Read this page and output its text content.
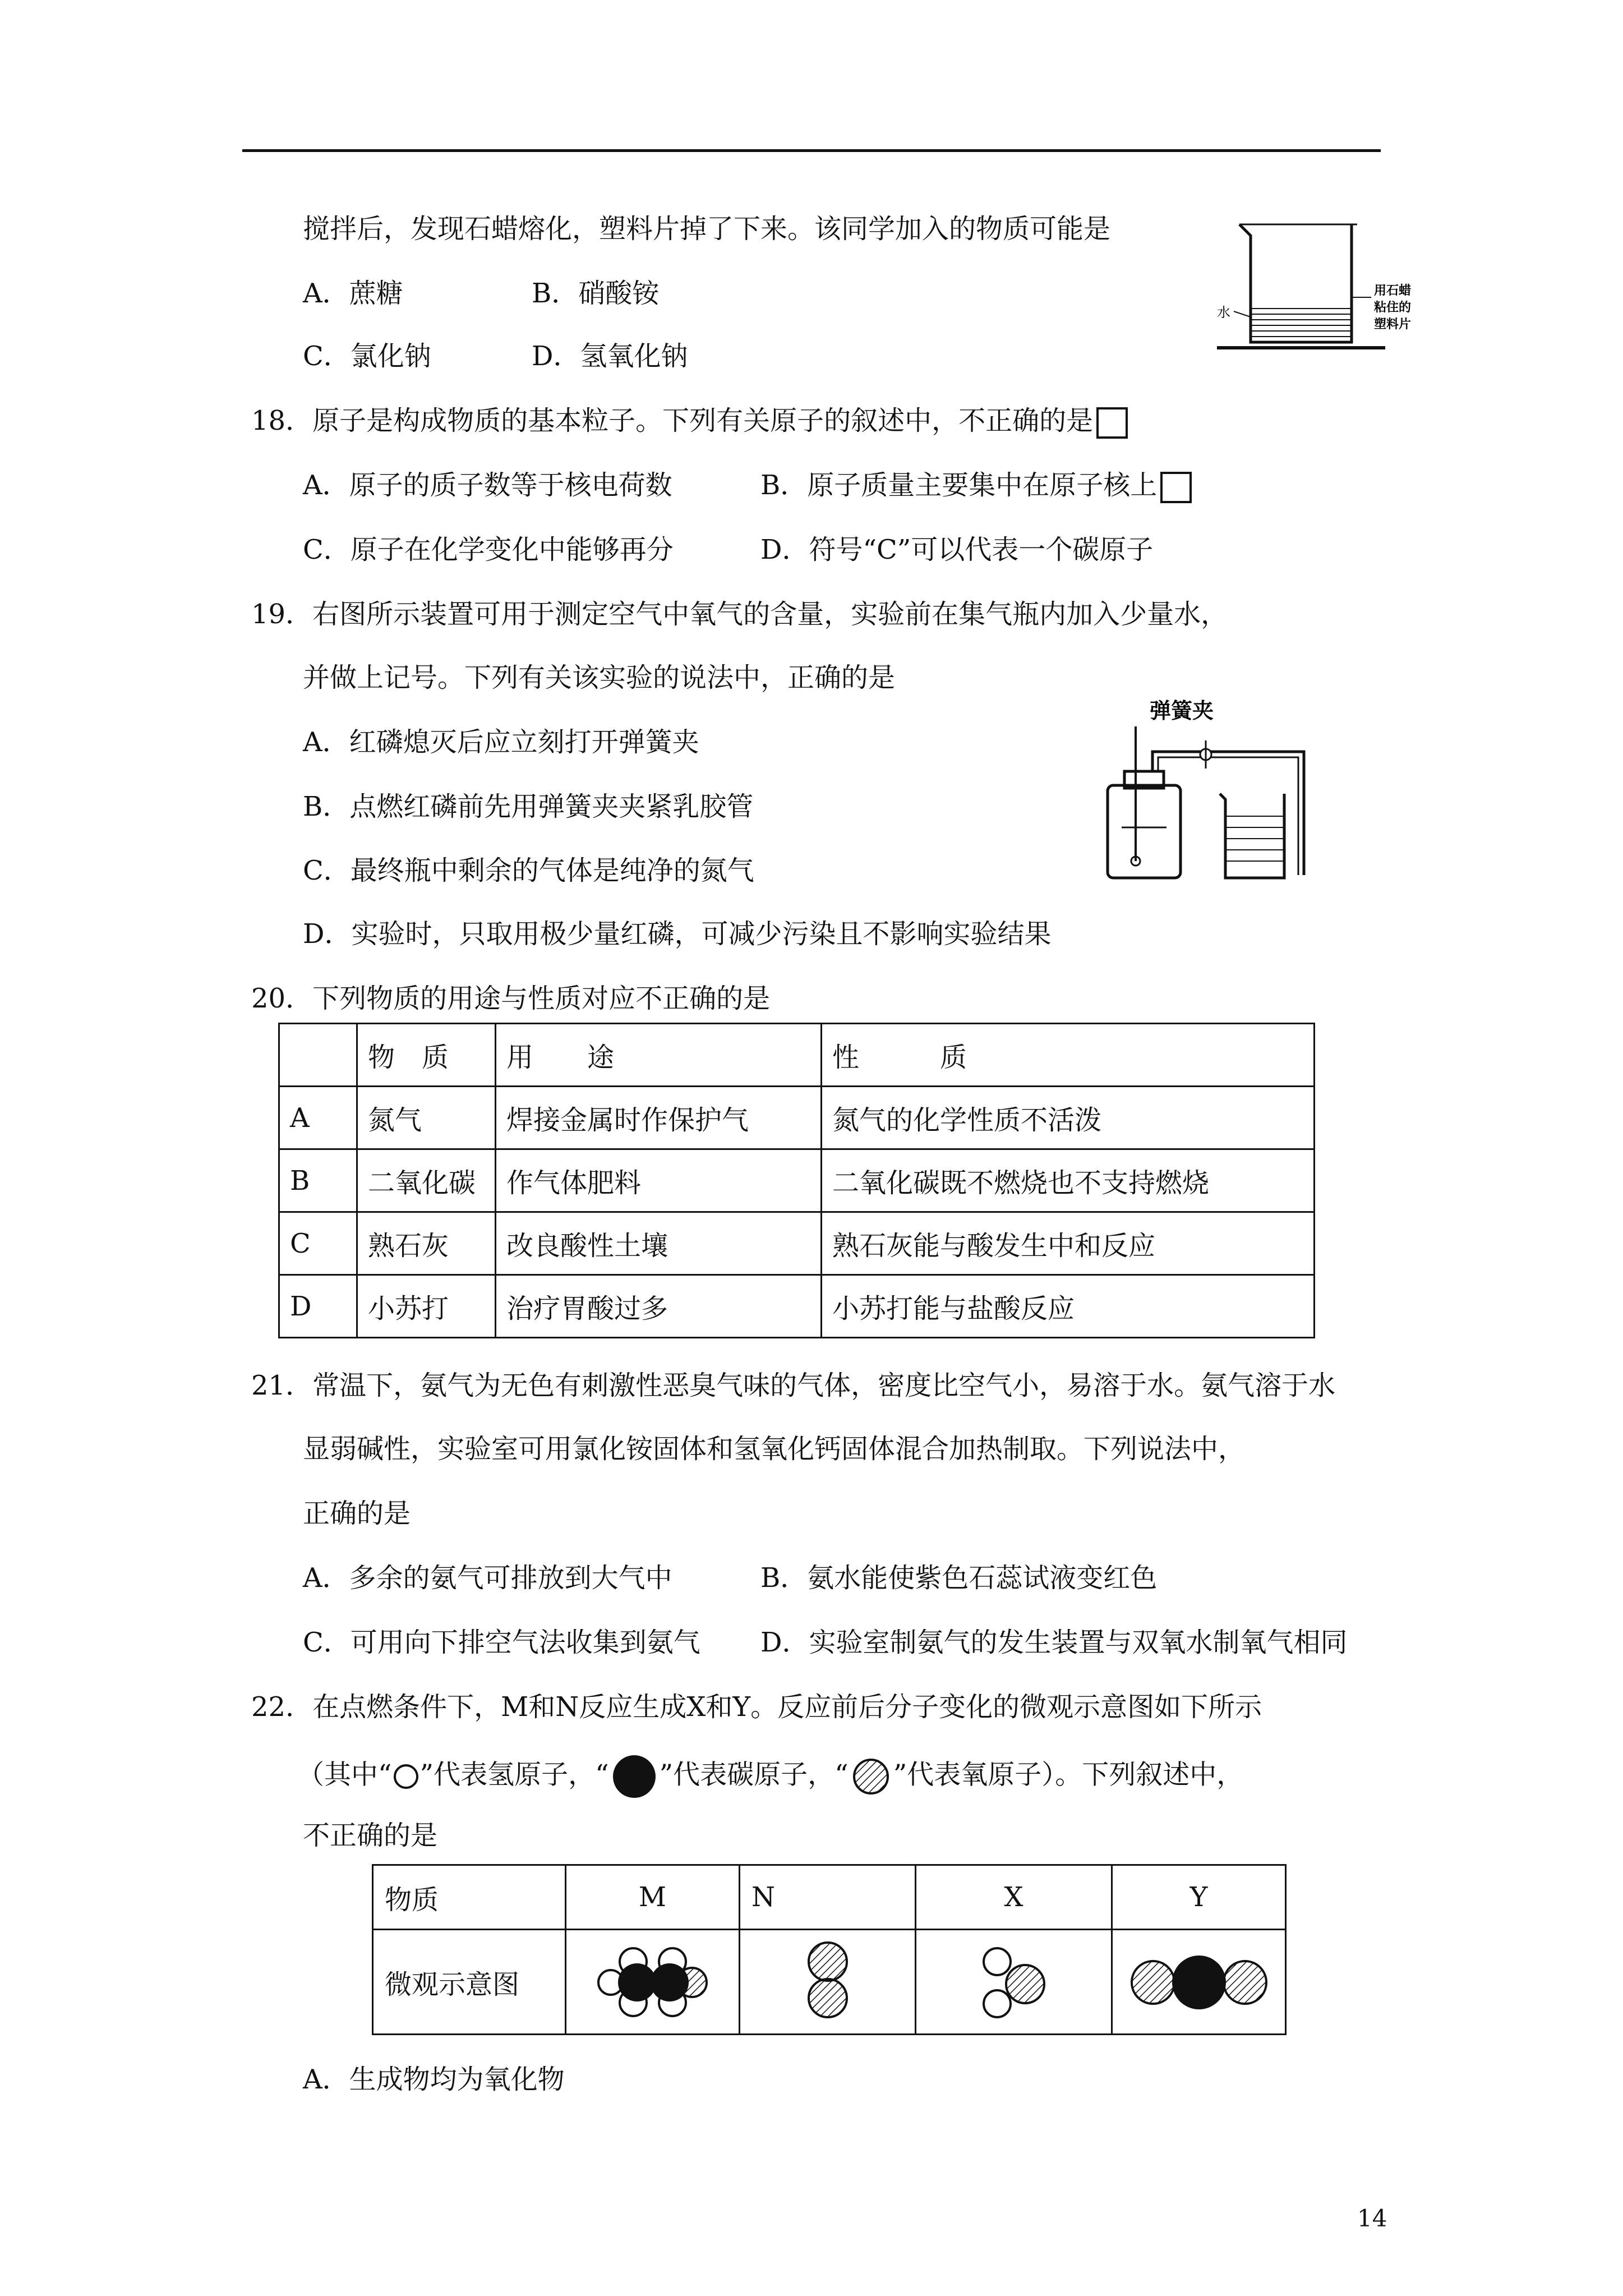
搅拌后，发现石蜡熔化，塑料片掉了下来。该同学加入的物质可能是
A．蔗糖	B．硝酸铵
C．氯化钠	D．氢氧化钠
水
用石蜡
粘住的
塑料片
18．原子是构成物质的基本粒子。下列有关原子的叙述中，不正确的是
A．原子的质子数等于核电荷数	B．原子质量主要集中在原子核上
C．原子在化学变化中能够再分	D．符号“C”可以代表一个碳原子
19．右图所示装置可用于测定空气中氧气的含量，实验前在集气瓶内加入少量水，
并做上记号。下列有关该实验的说法中，正确的是
A．红磷熄灭后应立刻打开弹簧夹
B．点燃红磷前先用弹簧夹夹紧乳胶管
C．最终瓶中剩余的气体是纯净的氮气
D．实验时，只取用极少量红磷，可减少污染且不影响实验结果
弹簧夹
20．下列物质的用途与性质对应不正确的是
	物　质	用　　途	性　　　质
A	氮气	焊接金属时作保护气	氮气的化学性质不活泼
B	二氧化碳	作气体肥料	二氧化碳既不燃烧也不支持燃烧
C	熟石灰	改良酸性土壤	熟石灰能与酸发生中和反应
D	小苏打	治疗胃酸过多	小苏打能与盐酸反应
21．常温下，氨气为无色有刺激性恶臭气味的气体，密度比空气小，易溶于水。氨气溶于水
显弱碱性，实验室可用氯化铵固体和氢氧化钙固体混合加热制取。下列说法中，
正确的是
A．多余的氨气可排放到大气中	B．氨水能使紫色石蕊试液变红色
C．可用向下排空气法收集到氨气 D．实验室制氨气的发生装置与双氧水制氧气相同
22．在点燃条件下，M和N反应生成X和Y。反应前后分子变化的微观示意图如下所示
（其中“ ”代表氢原子，“ ”代表碳原子，“ ”代表氧原子）。下列叙述中，
不正确的是
物质	M	N	X	Y
微观示意图				
A．生成物均为氧化物
14
